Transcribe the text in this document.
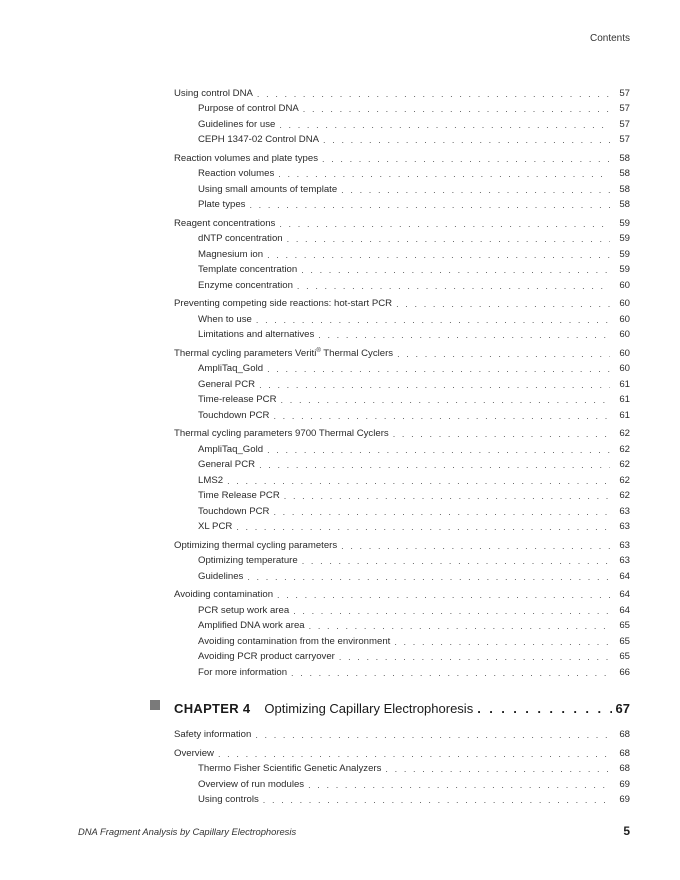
Contents
Using control DNA . . .	57
Purpose of control DNA . . .	57
Guidelines for use . . .	57
CEPH 1347-02 Control DNA . . .	57
Reaction volumes and plate types . . .	58
Reaction volumes . . .	58
Using small amounts of template . . .	58
Plate types . . .	58
Reagent concentrations . . .	59
dNTP concentration . . .	59
Magnesium ion . . .	59
Template concentration . . .	59
Enzyme concentration . . .	60
Preventing competing side reactions: hot-start PCR . . .	60
When to use . . .	60
Limitations and alternatives . . .	60
Thermal cycling parameters Veriti® Thermal Cyclers . . .	60
AmpliTaq_Gold . . .	60
General PCR . . .	61
Time-release PCR . . .	61
Touchdown PCR . . .	61
Thermal cycling parameters 9700 Thermal Cyclers . . .	62
AmpliTaq_Gold . . .	62
General PCR . . .	62
LMS2 . . .	62
Time Release PCR . . .	62
Touchdown PCR . . .	63
XL PCR . . .	63
Optimizing thermal cycling parameters . . .	63
Optimizing temperature . . .	63
Guidelines . . .	64
Avoiding contamination . . .	64
PCR setup work area . . .	64
Amplified DNA work area . . .	65
Avoiding contamination from the environment . . .	65
Avoiding PCR product carryover . . .	65
For more information . . .	66
CHAPTER 4	Optimizing Capillary Electrophoresis . . .	67
Safety information . . .	68
Overview . . .	68
Thermo Fisher Scientific Genetic Analyzers . . .	68
Overview of run modules . . .	69
Using controls . . .	69
DNA Fragment Analysis by Capillary Electrophoresis	5
